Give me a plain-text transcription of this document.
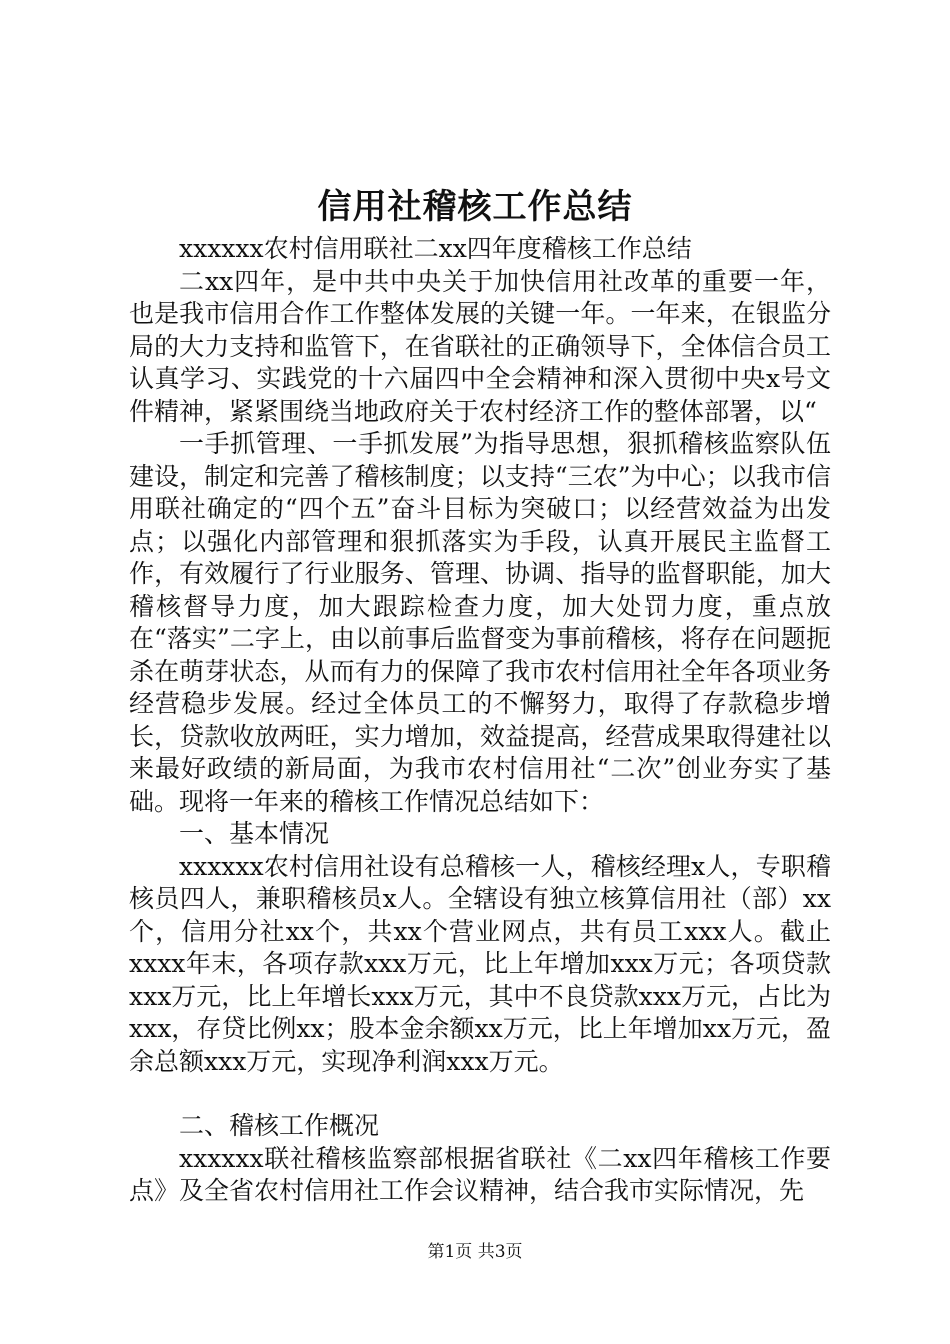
信用社稽核工作总结

xxxxxx农村信用联社二xx四年度稽核工作总结

二xx四年，是中共中央关于加快信用社改革的重要一年，也是我市信用合作工作整体发展的关键一年。一年来，在银监分局的大力支持和监管下，在省联社的正确领导下，全体信合员工认真学习、实践党的十六届四中全会精神和深入贯彻中央x号文件精神，紧紧围绕当地政府关于农村经济工作的整体部署，以“

一手抓管理、一手抓发展”为指导思想，狠抓稽核监察队伍建设，制定和完善了稽核制度；以支持“三农”为中心；以我市信用联社确定的“四个五”奋斗目标为突破口；以经营效益为出发点；以强化内部管理和狠抓落实为手段，认真开展民主监督工作，有效履行了行业服务、管理、协调、指导的监督职能，加大稽核督导力度，加大跟踪检查力度，加大处罚力度，重点放在“落实”二字上，由以前事后监督变为事前稽核，将存在问题扼杀在萌芽状态，从而有力的保障了我市农村信用社全年各项业务经营稳步发展。经过全体员工的不懈努力，取得了存款稳步增长，贷款收放两旺，实力增加，效益提高，经营成果取得建社以来最好政绩的新局面，为我市农村信用社“二次”创业夯实了基础。现将一年来的稽核工作情况总结如下：

一、基本情况

xxxxxx农村信用社设有总稽核一人，稽核经理x人，专职稽核员四人，兼职稽核员x人。全辖设有独立核算信用社（部）xx个，信用分社xx个，共xx个营业网点，共有员工xxx人。截止xxxx年末，各项存款xxx万元，比上年增加xxx万元；各项贷款xxx万元，比上年增长xxx万元，其中不良贷款xxx万元，占比为xxx，存贷比例xx；股本金余额xx万元，比上年增加xx万元，盈余总额xxx万元，实现净利润xxx万元。

二、稽核工作概况

xxxxxx联社稽核监察部根据省联社《二xx四年稽核工作要点》及全省农村信用社工作会议精神，结合我市实际情况，先

第1页 共3页
